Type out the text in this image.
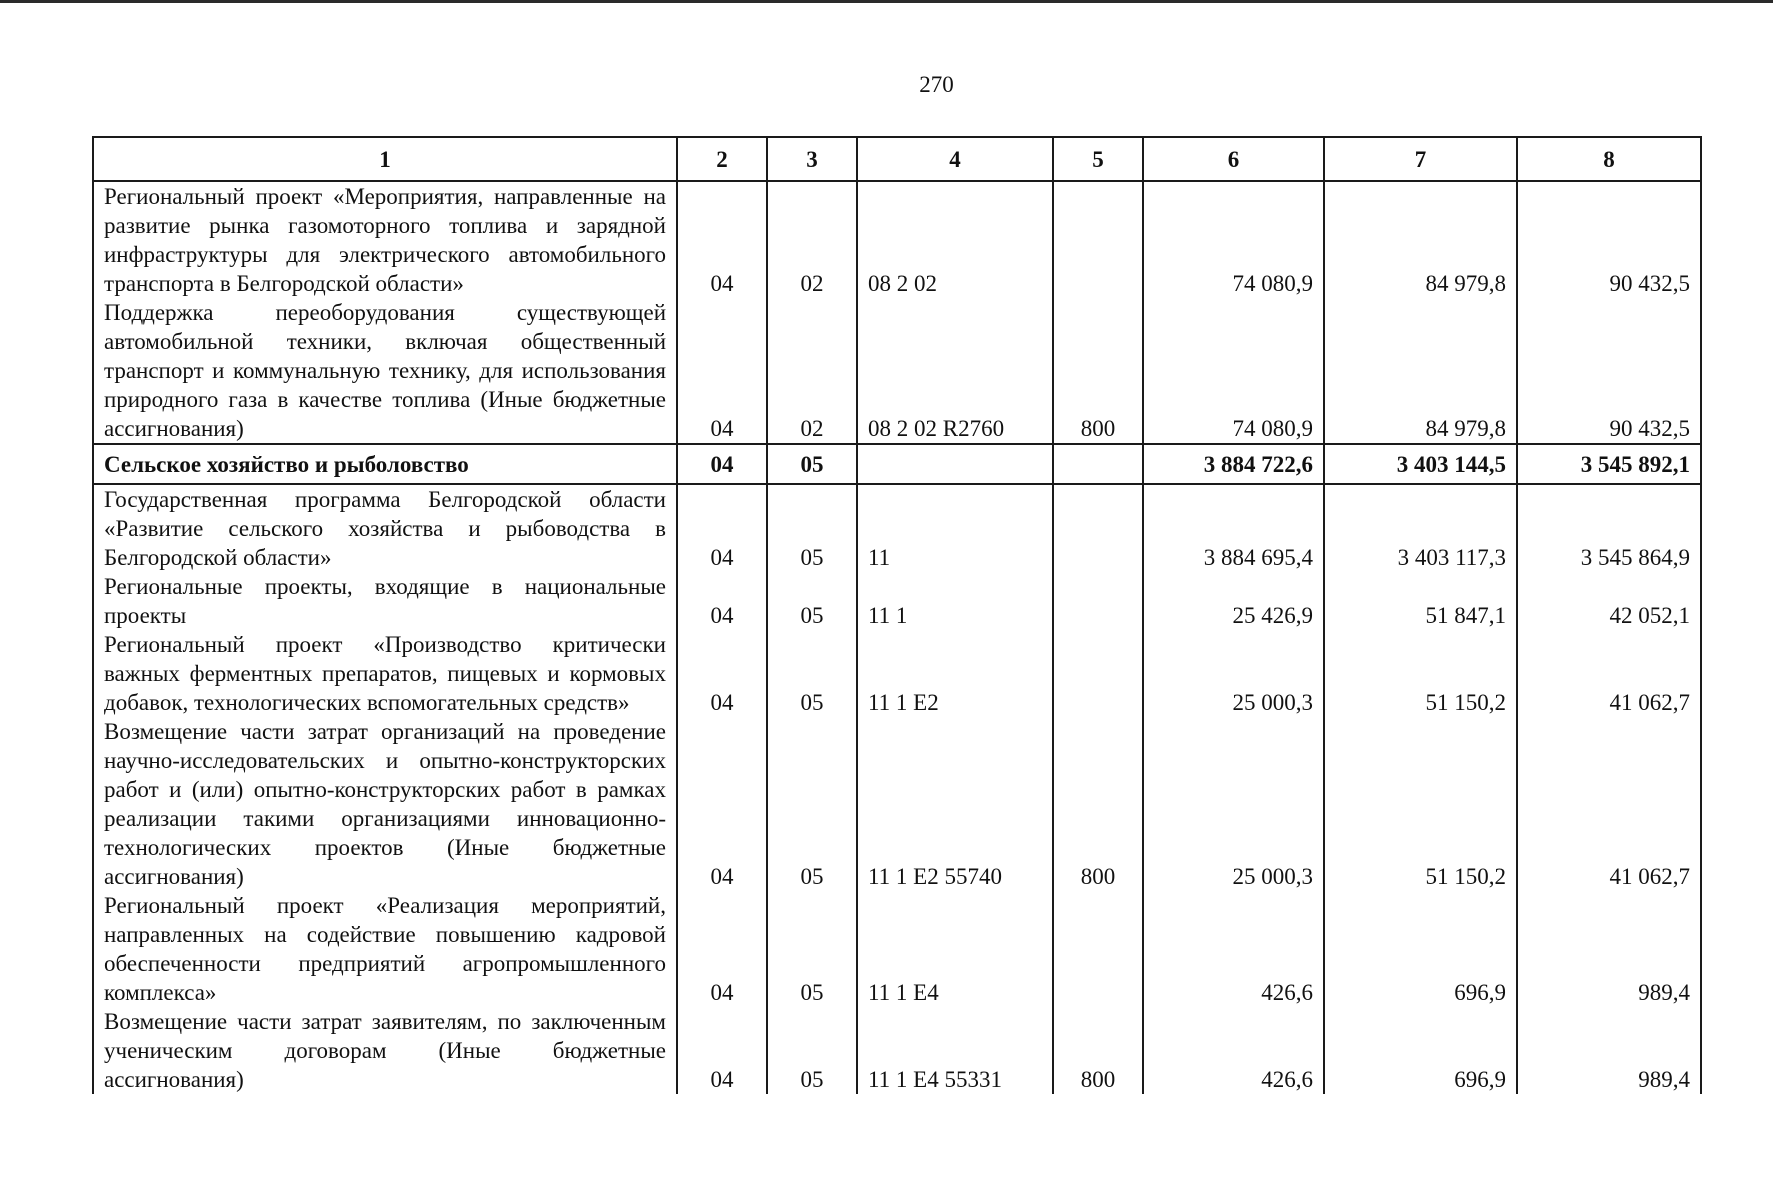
270
1	2	3	4	5	6	7	8
Региональный проект «Мероприятия, направленные на развитие рынка газомоторного топлива и зарядной инфраструктуры для электрического автомобильного транспорта в Белгородской области»	04	02	08 2 02		74 080,9	84 979,8	90 432,5
Поддержка переоборудования существующей автомобильной техники, включая общественный транспорт и коммунальную технику, для использования природного газа в качестве топлива (Иные бюджетные ассигнования)	04	02	08 2 02 R2760	800	74 080,9	84 979,8	90 432,5
Сельское хозяйство и рыболовство	04	05			3 884 722,6	3 403 144,5	3 545 892,1
Государственная программа Белгородской области «Развитие сельского хозяйства и рыбоводства в Белгородской области»	04	05	11		3 884 695,4	3 403 117,3	3 545 864,9
Региональные проекты, входящие в национальные проекты	04	05	11 1		25 426,9	51 847,1	42 052,1
Региональный проект «Производство критически важных ферментных препаратов, пищевых и кормовых добавок, технологических вспомогательных средств»	04	05	11 1 E2		25 000,3	51 150,2	41 062,7
Возмещение части затрат организаций на проведение научно-исследовательских и опытно-конструкторских работ и (или) опытно-конструкторских работ в рамках реализации такими организациями инновационно-технологических проектов (Иные бюджетные ассигнования)	04	05	11 1 E2 55740	800	25 000,3	51 150,2	41 062,7
Региональный проект «Реализация мероприятий, направленных на содействие повышению кадровой обеспеченности предприятий агропромышленного комплекса»	04	05	11 1 E4		426,6	696,9	989,4
Возмещение части затрат заявителям, по заключенным ученическим договорам (Иные бюджетные ассигнования)	04	05	11 1 E4 55331	800	426,6	696,9	989,4
